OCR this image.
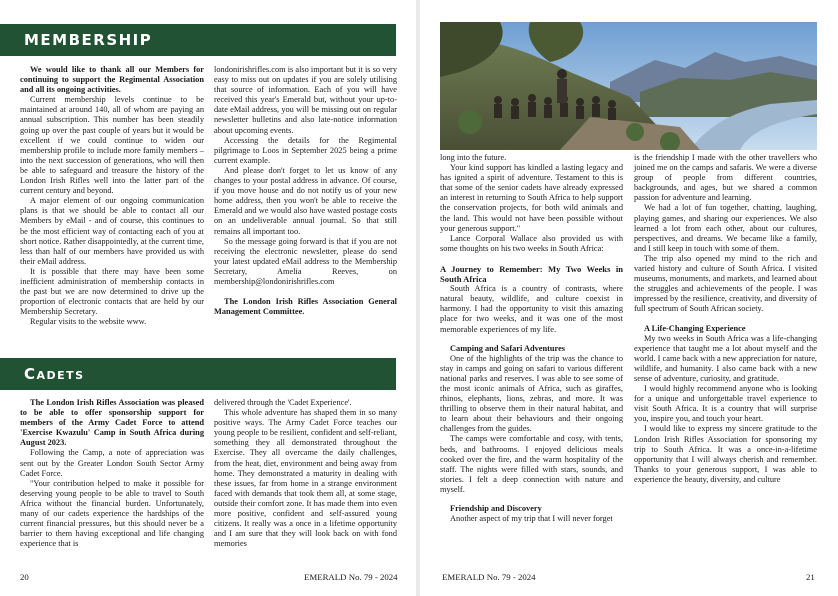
MEMBERSHIP

We would like to thank all our Members for continuing to support the Regimental Association and all its ongoing activities.

Current membership levels continue to be maintained at around 140, all of whom are paying an annual subscription. This number has been steadily going up over the past couple of years but it would be excellent if we could continue to widen our membership profile to include more family members – into the next succession of generations, who will then be able to safeguard and treasure the history of the London Irish Rifles well into the latter part of the current century and beyond.

A major element of our ongoing communication plans is that we should be able to contact all our Members by eMail - and of course, this continues to be the most efficient way of contacting each of you at short notice. Rather disappointedly, at the current time, less than half of our members have provided us with their eMail address.

It is possible that there may have been some inefficient administration of membership contacts in the past but we are now determined to drive up the proportion of electronic contacts that are held by our Membership Secretary.

Regular visits to the website www.

londonirishrifles.com is also important but it is so very easy to miss out on updates if you are solely utilising that source of information. Each of you will have received this year's Emerald but, without your up-to-date eMail address, you will be missing out on regular newsletter bulletins and also late-notice information about upcoming events.

Accessing the details for the Regimental pilgrimage to Loos in September 2025 being a prime current example.

And please don't forget to let us know of any changes to your postal address in advance. Of course, if you move house and do not notify us of your new home address, then you won't be able to receive the Emerald and we would also have wasted postage costs on an undeliverable annual journal. So that still remains all important too.

So the message going forward is that if you are not receiving the electronic newsletter, please do send your latest updated eMail address to the Membership Secretary, Amelia Reeves, on membership@londonirishrifles.com

The London Irish Rifles Association General Management Committee.

Cadets

The London Irish Rifles Association was pleased to be able to offer sponsorship support for members of the Army Cadet Force to attend 'Exercise Kwazulu' Camp in South Africa during August 2023.

Following the Camp, a note of appreciation was sent out by the Greater London South Sector Army Cadet Force.

"Your contribution helped to make it possible for deserving young people to be able to travel to South Africa without the financial burden. Unfortunately, many of our cadets experience the hardships of the current financial pressures, but this should never be a barrier to them having exceptional and life changing experience that is

delivered through the 'Cadet Experience'.

This whole adventure has shaped them in so many positive ways. The Army Cadet Force teaches our young people to be resilient, confident and self-reliant, something they all demonstrated throughout the Exercise. They all overcame the daily challenges, from the heat, diet, environment and being away from home. They demonstrated a maturity in dealing with these issues, far from home in a strange environment faced with demands that took them all, at some stage, outside their comfort zone. It has made them into even more positive, confident and self-assured young citizens. It really was a once in a lifetime opportunity and I am sure that they will look back on with fond memories

20	EMERALD No. 79 - 2024

long into the future.

Your kind support has kindled a lasting legacy and has ignited a spirit of adventure. Testament to this is that some of the senior cadets have already expressed an interest in returning to South Africa to help support the conservation projects, for both wild animals and the land. This would not have been possible without your generous support."

Lance Corporal Wallace also provided us with some thoughts on his two weeks in South Africa:

A Journey to Remember: My Two Weeks in South Africa

South Africa is a country of contrasts, where natural beauty, wildlife, and culture coexist in harmony. I had the opportunity to visit this amazing place for two weeks, and it was one of the most memorable experiences of my life.

Camping and Safari Adventures

One of the highlights of the trip was the chance to stay in camps and going on safari to various different national parks and reserves. I was able to see some of the most iconic animals of Africa, such as giraffes, rhinos, elephants, lions, zebras, and more. It was thrilling to observe them in their natural habitat, and to learn about their behaviours and their ongoing challenges from the guides.

The camps were comfortable and cosy, with tents, beds, and bathrooms. I enjoyed delicious meals cooked over the fire, and the warm hospitality of the staff. The nights were filled with stars, sounds, and stories. I felt a deep connection with nature and myself.

Friendship and Discovery

Another aspect of my trip that I will never forget

is the friendship I made with the other travellers who joined me on the camps and safaris. We were a diverse group of people from different countries, backgrounds, and ages, but we shared a common passion for adventure and learning.

We had a lot of fun together, chatting, laughing, playing games, and sharing our experiences. We also learned a lot from each other, about our cultures, perspectives, and dreams. We became like a family, and I still keep in touch with some of them.

The trip also opened my mind to the rich and varied history and culture of South Africa. I visited museums, monuments, and markets, and learned about the struggles and achievements of the people. I was impressed by the resilience, creativity, and diversity of full spectrum of South African society.

A Life-Changing Experience

My two weeks in South Africa was a life-changing experience that taught me a lot about myself and the world. I came back with a new appreciation for nature, wildlife, and humanity. I also came back with a new sense of adventure, curiosity, and gratitude.

I would highly recommend anyone who is looking for a unique and unforgettable travel experience to visit South Africa. It is a country that will surprise you, inspire you, and touch your heart.

I would like to express my sincere gratitude to the London Irish Rifles Association for sponsoring my trip to South Africa. It was a once-in-a-lifetime opportunity that I will always cherish and remember. Thanks to your generous support, I was able to experience the beauty, diversity, and culture

EMERALD No. 79 - 2024	21
